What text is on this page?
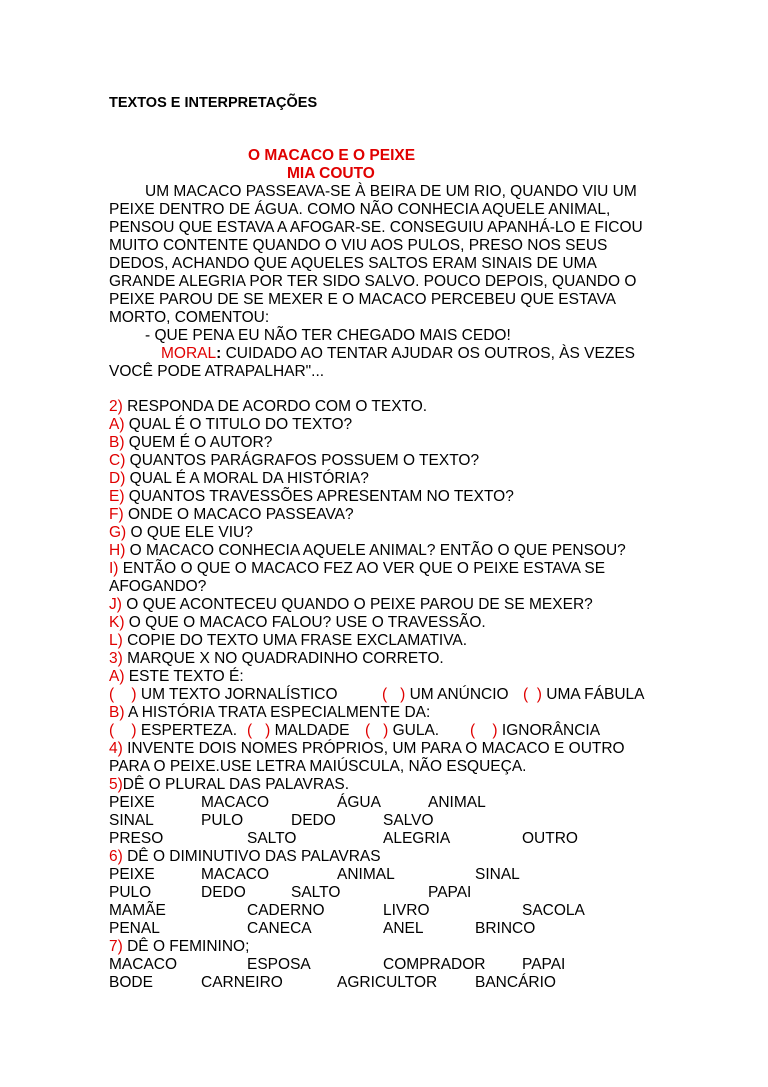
TEXTOS E INTERPRETAÇÕES
O MACACO E O PEIXE
MIA COUTO
UM MACACO PASSEAVA-SE À BEIRA DE UM RIO, QUANDO VIU UM
PEIXE DENTRO DE ÁGUA. COMO NÃO CONHECIA AQUELE ANIMAL,
PENSOU QUE ESTAVA A AFOGAR-SE. CONSEGUIU APANHÁ-LO E FICOU
MUITO CONTENTE QUANDO O VIU AOS PULOS, PRESO NOS SEUS
DEDOS, ACHANDO QUE AQUELES SALTOS ERAM SINAIS DE UMA
GRANDE ALEGRIA POR TER SIDO SALVO. POUCO DEPOIS, QUANDO O
PEIXE PAROU DE SE MEXER E O MACACO PERCEBEU QUE ESTAVA
MORTO, COMENTOU:
- QUE PENA EU NÃO TER CHEGADO MAIS CEDO!
MORAL: CUIDADO AO TENTAR AJUDAR OS OUTROS, ÀS VEZES
VOCÊ PODE ATRAPALHAR"...
2) RESPONDA DE ACORDO COM O TEXTO.
A) QUAL É O TITULO DO TEXTO?
B) QUEM É O AUTOR?
C) QUANTOS PARÁGRAFOS POSSUEM O TEXTO?
D) QUAL É A MORAL DA HISTÓRIA?
E) QUANTOS TRAVESSÕES APRESENTAM NO TEXTO?
F) ONDE O MACACO PASSEAVA?
G) O QUE ELE VIU?
H) O MACACO CONHECIA AQUELE ANIMAL? ENTÃO O QUE PENSOU?
I) ENTÃO O QUE O MACACO FEZ AO VER QUE O PEIXE ESTAVA SE
AFOGANDO?
J) O QUE ACONTECEU QUANDO O PEIXE PAROU DE SE MEXER?
K) O QUE O MACACO FALOU? USE O TRAVESSÃO.
L) COPIE DO TEXTO UMA FRASE EXCLAMATIVA.
3) MARQUE X NO QUADRADINHO CORRETO.
A) ESTE TEXTO É:
( ) UM TEXTO JORNALÍSTICO	( ) UM ANÚNCIO ( ) UMA FÁBULA
B) A HISTÓRIA TRATA ESPECIALMENTE DA:
( ) ESPERTEZA. ( ) MALDADE ( ) GULA. ( ) IGNORÂNCIA
4) INVENTE DOIS NOMES PRÓPRIOS, UM PARA O MACACO E OUTRO
PARA O PEIXE.USE LETRA MAIÚSCULA, NÃO ESQUEÇA.
5)DÊ O PLURAL DAS PALAVRAS.
PEIXE	MACACO	ÁGUA	ANIMAL
SINAL	PULO	DEDO	SALVO
PRESO	SALTO	ALEGRIA	OUTRO
6) DÊ O DIMINUTIVO DAS PALAVRAS
PEIXE	MACACO	ANIMAL	SINAL
PULO	DEDO	SALTO	PAPAI
MAMÃE	CADERNO	LIVRO	SACOLA
PENAL	CANECA	ANEL	BRINCO
7) DÊ O FEMININO;
MACACO	ESPOSA	COMPRADOR PAPAI
BODE	CARNEIRO	AGRICULTOR BANCÁRIO
